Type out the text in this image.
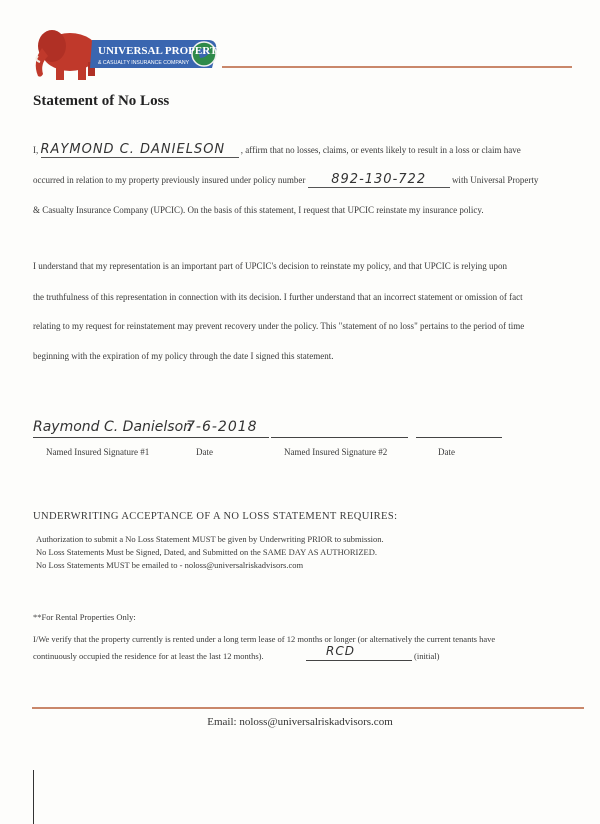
UNIVERSAL PROPERTY
& CASUALTY INSURANCE COMPANY
Statement of No Loss
I, RAYMOND C. DANIELSON , affirm that no losses, claims, or events likely to result in a loss or claim have
occurred in relation to my property previously insured under policy number 892-130-722	with Universal Property
& Casualty Insurance Company (UPCIC). On the basis of this statement, I request that UPCIC reinstate my insurance policy.
I understand that my representation is an important part of UPCIC's decision to reinstate my policy, and that UPCIC is relying upon
the truthfulness of this representation in connection with its decision. I further understand that an incorrect statement or omission of fact
relating to my request for reinstatement may prevent recovery under the policy. This "statement of no loss" pertains to the period of time
beginning with the expiration of my policy through the date I signed this statement.
Raymond C. Danielson
7-6-2018
Named Insured Signature #1	Date	Named Insured Signature #2	Date
UNDERWRITING ACCEPTANCE OF A NO LOSS STATEMENT REQUIRES:
Authorization to submit a No Loss Statement MUST be given by Underwriting PRIOR to submission.
No Loss Statements Must be Signed, Dated, and Submitted on the SAME DAY AS AUTHORIZED.
No Loss Statements MUST be emailed to - noloss@universalriskadvisors.com
**For Rental Properties Only:
I/We verify that the property currently is rented under a long term lease of 12 months or longer (or alternatively the current tenants have
continuously occupied the residence for at least the last 12 months).	RCD	(initial)
Email: noloss@universalriskadvisors.com
